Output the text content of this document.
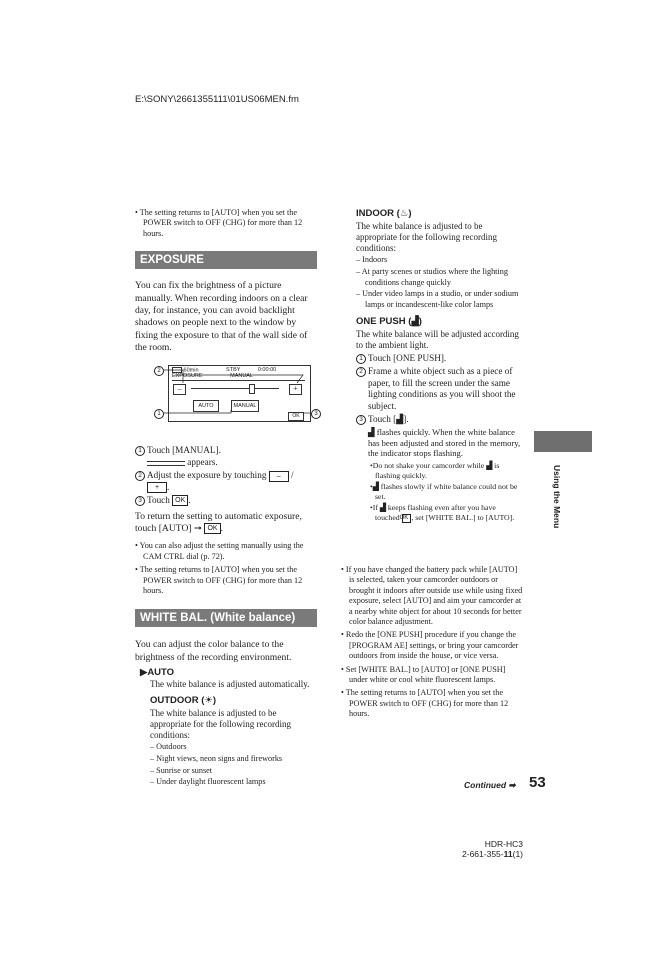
E:\SONY\2661355111\01US06MEN.fm

• The setting returns to [AUTO] when you set the POWER switch to OFF (CHG) for more than 12 hours.

EXPOSURE

You can fix the brightness of a picture manually. When recording indoors on a clear day, for instance, you can avoid backlight shadows on people next to the window by fixing the exposure to that of the wall side of the room.

60min	STBY	0:00:00
EXPOSURE	MANUAL
–	+
AUTO	MANUAL
OK
2
1	3

1 Touch [MANUAL].

appears.

2 Adjust the exposure by touching – /
+ .

3 Touch OK .

To return the setting to automatic exposure, touch [AUTO] ➞ OK .

• You can also adjust the setting manually using the CAM CTRL dial (p. 72).

• The setting returns to [AUTO] when you set the POWER switch to OFF (CHG) for more than 12 hours.

WHITE BAL. (White balance)

You can adjust the color balance to the brightness of the recording environment.

▶AUTO

The white balance is adjusted automatically.

OUTDOOR (☀)

The white balance is adjusted to be appropriate for the following recording conditions:

– Outdoors

– Night views, neon signs and fireworks

– Sunrise or sunset

– Under daylight fluorescent lamps

INDOOR (♨)

The white balance is adjusted to be appropriate for the following recording conditions:

– Indoors

– At party scenes or studios where the lighting conditions change quickly

– Under video lamps in a studio, or under sodium lamps or incandescent-like color lamps

ONE PUSH (▟)

The white balance will be adjusted according to the ambient light.

1 Touch [ONE PUSH].

2 Frame a white object such as a piece of paper, to fill the screen under the same lighting conditions as you will shoot the subject.

3 Touch [▟].

▟ flashes quickly. When the white balance has been adjusted and stored in the memory, the indicator stops flashing.

•Do not shake your camcorder while ▟ is flashing quickly.

•▟ flashes slowly if white balance could not be set.

•If ▟ keeps flashing even after you have touched OK , set [WHITE BAL.] to [AUTO].

• If you have changed the battery pack while [AUTO] is selected, taken your camcorder outdoors or brought it indoors after outside use while using fixed exposure, select [AUTO] and aim your camcorder at a nearby white object for about 10 seconds for better color balance adjustment.

• Redo the [ONE PUSH] procedure if you change the [PROGRAM AE] settings, or bring your camcorder outdoors from inside the house, or vice versa.

• Set [WHITE BAL.] to [AUTO] or [ONE PUSH] under white or cool white fluorescent lamps.

• The setting returns to [AUTO] when you set the POWER switch to OFF (CHG) for more than 12 hours.

Using the Menu
Continued ➡ 53
HDR-HC3
2-661-355-11(1)
